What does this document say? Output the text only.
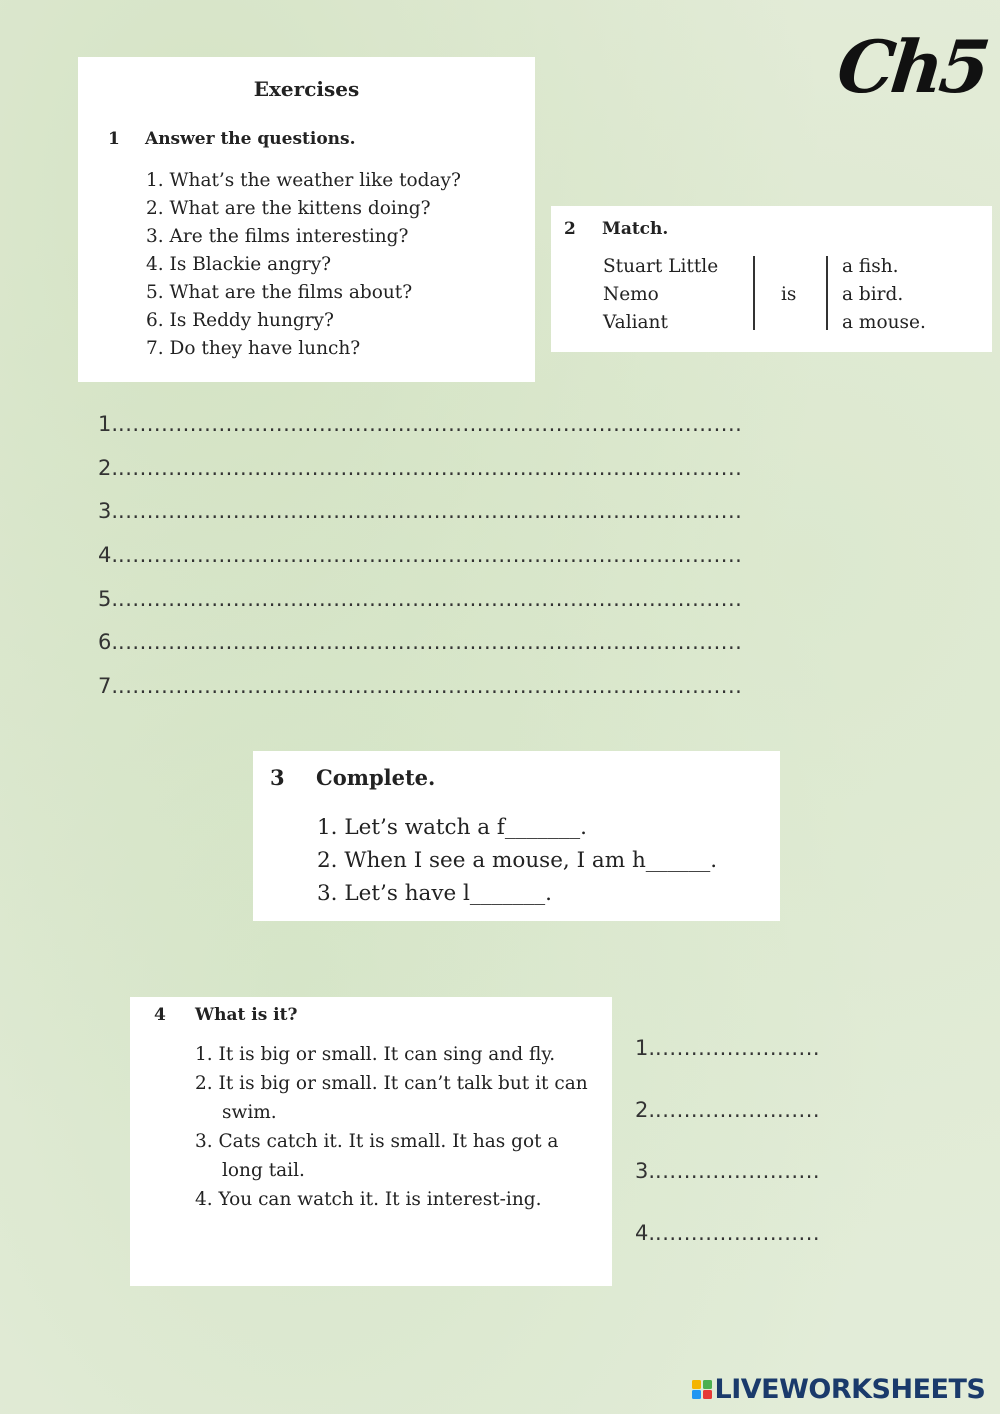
Ch5
Exercises
1 Answer the questions.
1. What’s the weather like today?
2. What are the kittens doing?
3. Are the films interesting?
4. Is Blackie angry?
5. What are the films about?
6. Is Reddy hungry?
7. Do they have lunch?
2 Match.
Stuart Little
Nemo
Valiant
is
a fish.
a bird.
a mouse.
1........................................................................................
2........................................................................................
3........................................................................................
4........................................................................................
5........................................................................................
6........................................................................................
7........................................................................................
3 Complete.
1. Let’s watch a f_______.
2. When I see a mouse, I am h______.
3. Let’s have l_______.
4 What is it?
1. It is big or small. It can sing and fly.
2. It is big or small. It can’t talk but it can swim.
3. Cats catch it. It is small. It has got a long tail.
4. You can watch it. It is interest-ing.
1........................
2........................
3........................
4........................
LIVEWORKSHEETS
